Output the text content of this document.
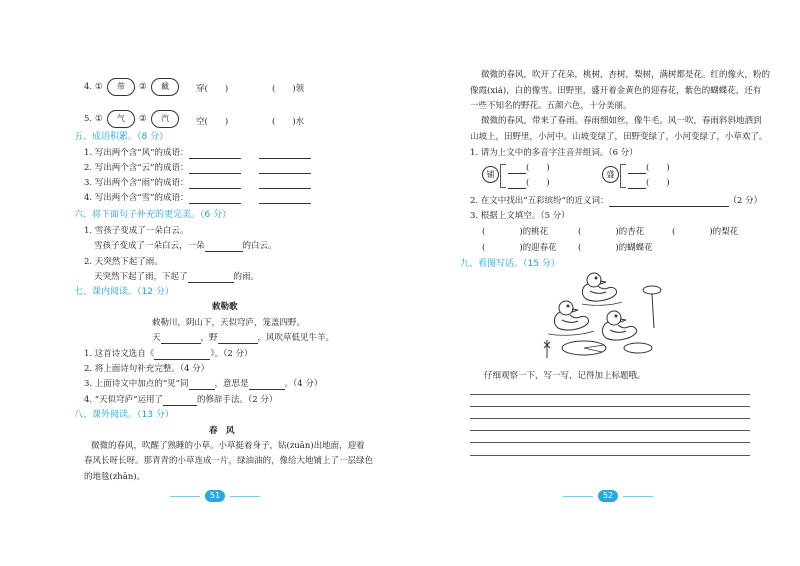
4. ①	带	②	戴	穿(　　)	(　　)领
5. ①	气	②	汽	空(　　)	(　　)水
五、成语积累。（8 分）
1. 写出两个含“风”的成语：
2. 写出两个含“云”的成语：
3. 写出两个含“雨”的成语：
4. 写出两个含“雪”的成语：
六、将下面句子补充的更完美。（6 分）
1. 雪孩子变成了一朵白云。
雪孩子变成了一朵白云，一朵	的白云。
2. 天突然下起了雨。
天突然下起了雨，下起了	的雨。
七、课内阅读。（12 分）
敕勒歌
敕勒川，阴山下，天似穹庐，笼盖四野。
天	，野	，风吹草低见牛羊。
1. 这首诗文选自《	》。（2 分）
2. 将上面诗句补充完整。（4 分）
3. 上面诗文中加点的“见”同	，意思是	。（4 分）
4. “天似穹庐”运用了	的修辞手法。（2 分）
八、课外阅读。（13 分）
春　风
　　微微的春风，吹醒了熟睡的小草。小草挺着身子，钻(zuān)出地面，迎着
春风长呀长呀。那青青的小草连成一片，绿油油的，像给大地铺上了一层绿色
的地毯(zhān)。
51
　　微微的春风，吹开了花朵，桃树，杏树，梨树，满树都是花。红的像火，粉的
像霞(xiá)，白的像雪。田野里，盛开着金黄色的迎春花，紫色的蝴蝶花，还有
一些不知名的野花。五颜六色，十分美丽。
　　微微的春风，带来了春雨。春雨细如丝，像牛毛。风一吹，春雨斜斜地洒到
山坡上，田野里，小河中。山坡变绿了，田野变绿了，小河变绿了，小草欢了。
1. 请为上文中的多音字注音并组词。（6 分）
铺
(　　)
(　　)
盛
(　　)
(　　)
2. 在文中找出“五彩缤纷”的近义词：	（2 分）
3. 根据上文填空。（5 分）
(　　　　)的桃花	(　　　　)的杏花	(　　　　)的梨花
(　　　　)的迎春花	(　　　　)的蝴蝶花
九、看图写话。（15 分）
仔细观察一下，写一写，记得加上标题哦。
52
